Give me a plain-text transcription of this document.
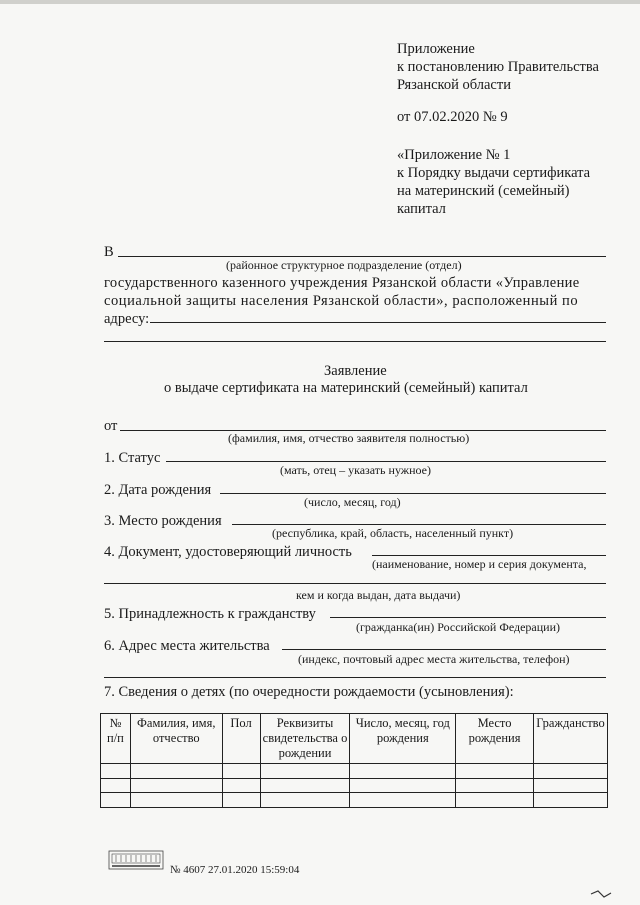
Приложение
к постановлению Правительства
Рязанской области
от 07.02.2020 № 9
«Приложение № 1
к Порядку выдачи сертификата
на материнский (семейный)
капитал
В
(районное структурное подразделение (отдел)
государственного казенного учреждения Рязанской области «Управление
социальной защиты населения Рязанской области», расположенный по
адресу:
Заявление
о выдаче сертификата на материнский (семейный) капитал
от
(фамилия, имя, отчество заявителя полностью)
1. Статус
(мать, отец – указать нужное)
2. Дата рождения
(число, месяц, год)
3. Место рождения
(республика, край, область, населенный пункт)
4. Документ, удостоверяющий личность
(наименование, номер и серия документа,
кем и когда выдан, дата выдачи)
5. Принадлежность к гражданству
(гражданка(ин) Российской Федерации)
6. Адрес места жительства
(индекс, почтовый адрес места жительства, телефон)
7. Сведения о детях (по очередности рождаемости (усыновления):
№ п/п	Фамилия, имя, отчество	Пол	Реквизиты свидетельства о рождении	Число, месяц, год рождения	Место рождения	Гражданство

№ 4607 27.01.2020 15:59:04
